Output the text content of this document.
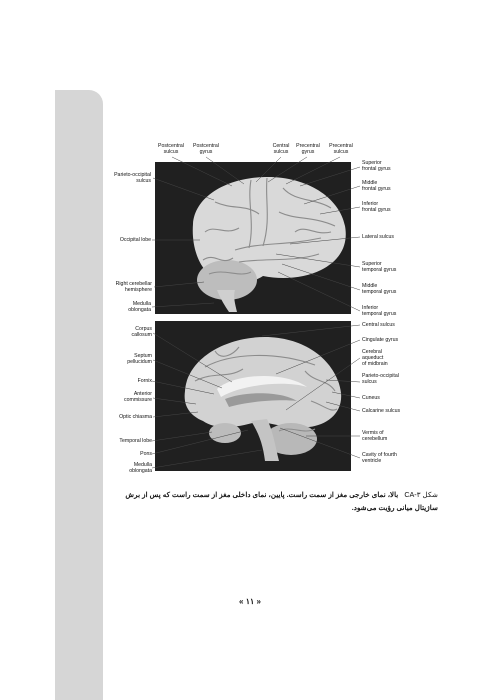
Postcentral
sulcus
Postcentral
gyrus
Central
sulcus
Precentral
gyrus
Precentral
sulcus
Parieto-occipital
sulcus
Occipital lobe
Right cerebellar
hemisphere
Medulla
oblongata
Superior
frontal gyrus
Middle
frontal gyrus
Inferior
frontal gyrus
Lateral sulcus
Superior
temporal gyrus
Middle
temporal gyrus
Inferior
temporal gyrus
Corpus
callosum
Septum
pellucidum
Fornix
Anterior
commissure
Optic chiasma
Temporal lobe
Pons
Medulla
oblongata
Central sulcus
Cingulate gyrus
Cerebral
aqueduct
of midbrain
Parieto-occipital
sulcus
Cuneus
Calcarine sulcus
Vermis of
cerebellum
Cavity of fourth
ventricle
شکل CA-۳ بالا، نمای خارجی مغز از سمت راست. پایین، نمای داخلی مغز از سمت راست که پس از برش ساژیتال میانی رؤیت می‌شود.
« ۱۱ »
